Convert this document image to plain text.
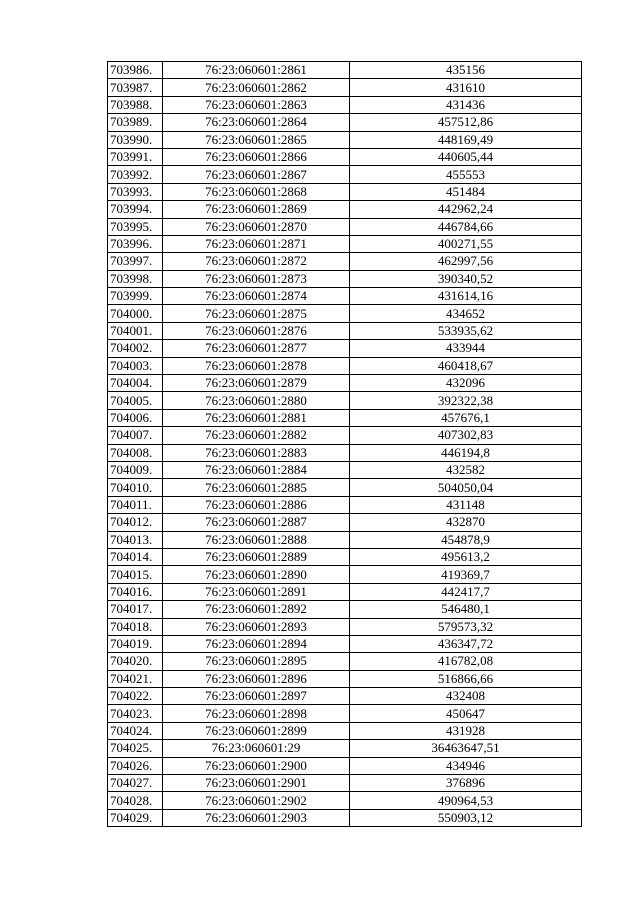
703986.	76:23:060601:2861	435156
703987.	76:23:060601:2862	431610
703988.	76:23:060601:2863	431436
703989.	76:23:060601:2864	457512,86
703990.	76:23:060601:2865	448169,49
703991.	76:23:060601:2866	440605,44
703992.	76:23:060601:2867	455553
703993.	76:23:060601:2868	451484
703994.	76:23:060601:2869	442962,24
703995.	76:23:060601:2870	446784,66
703996.	76:23:060601:2871	400271,55
703997.	76:23:060601:2872	462997,56
703998.	76:23:060601:2873	390340,52
703999.	76:23:060601:2874	431614,16
704000.	76:23:060601:2875	434652
704001.	76:23:060601:2876	533935,62
704002.	76:23:060601:2877	433944
704003.	76:23:060601:2878	460418,67
704004.	76:23:060601:2879	432096
704005.	76:23:060601:2880	392322,38
704006.	76:23:060601:2881	457676,1
704007.	76:23:060601:2882	407302,83
704008.	76:23:060601:2883	446194,8
704009.	76:23:060601:2884	432582
704010.	76:23:060601:2885	504050,04
704011.	76:23:060601:2886	431148
704012.	76:23:060601:2887	432870
704013.	76:23:060601:2888	454878,9
704014.	76:23:060601:2889	495613,2
704015.	76:23:060601:2890	419369,7
704016.	76:23:060601:2891	442417,7
704017.	76:23:060601:2892	546480,1
704018.	76:23:060601:2893	579573,32
704019.	76:23:060601:2894	436347,72
704020.	76:23:060601:2895	416782,08
704021.	76:23:060601:2896	516866,66
704022.	76:23:060601:2897	432408
704023.	76:23:060601:2898	450647
704024.	76:23:060601:2899	431928
704025.	76:23:060601:29	36463647,51
704026.	76:23:060601:2900	434946
704027.	76:23:060601:2901	376896
704028.	76:23:060601:2902	490964,53
704029.	76:23:060601:2903	550903,12
